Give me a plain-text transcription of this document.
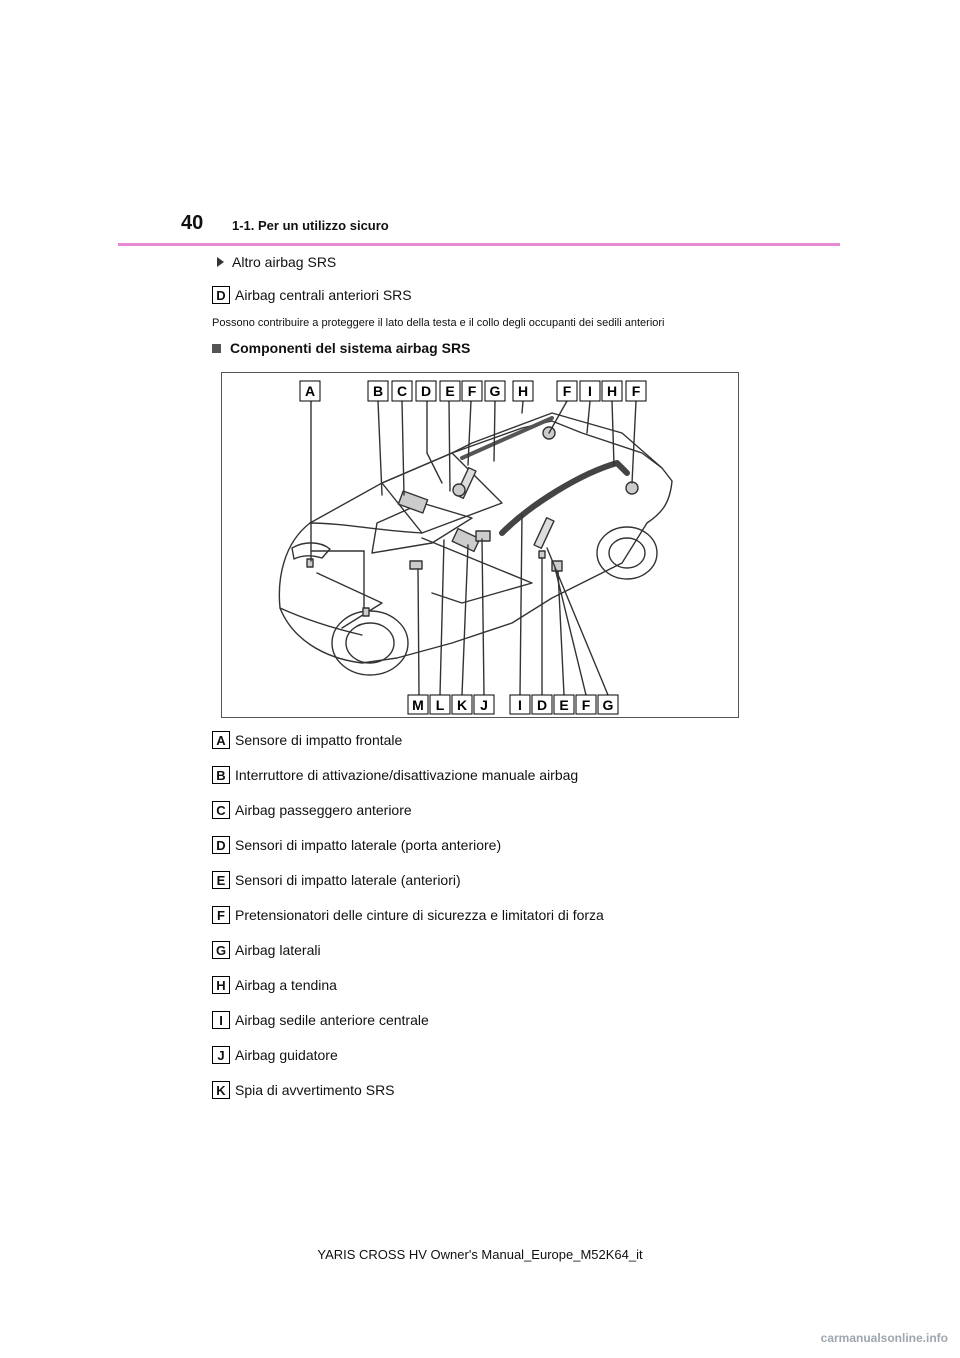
40 1-1. Per un utilizzo sicuro
Altro airbag SRS
D Airbag centrali anteriori SRS
Possono contribuire a proteggere il lato della testa e il collo degli occupanti dei sedili anteriori
Componenti del sistema airbag SRS
A	B C D E F G H F I H F
M L K J I D E F G
A Sensore di impatto frontale
B Interruttore di attivazione/disattivazione manuale airbag
C Airbag passeggero anteriore
D Sensori di impatto laterale (porta anteriore)
E Sensori di impatto laterale (anteriori)
F Pretensionatori delle cinture di sicurezza e limitatori di forza
G Airbag laterali
H Airbag a tendina
I Airbag sedile anteriore centrale
J Airbag guidatore
K Spia di avvertimento SRS
YARIS CROSS HV Owner's Manual_Europe_M52K64_it
carmanualsonline.info
